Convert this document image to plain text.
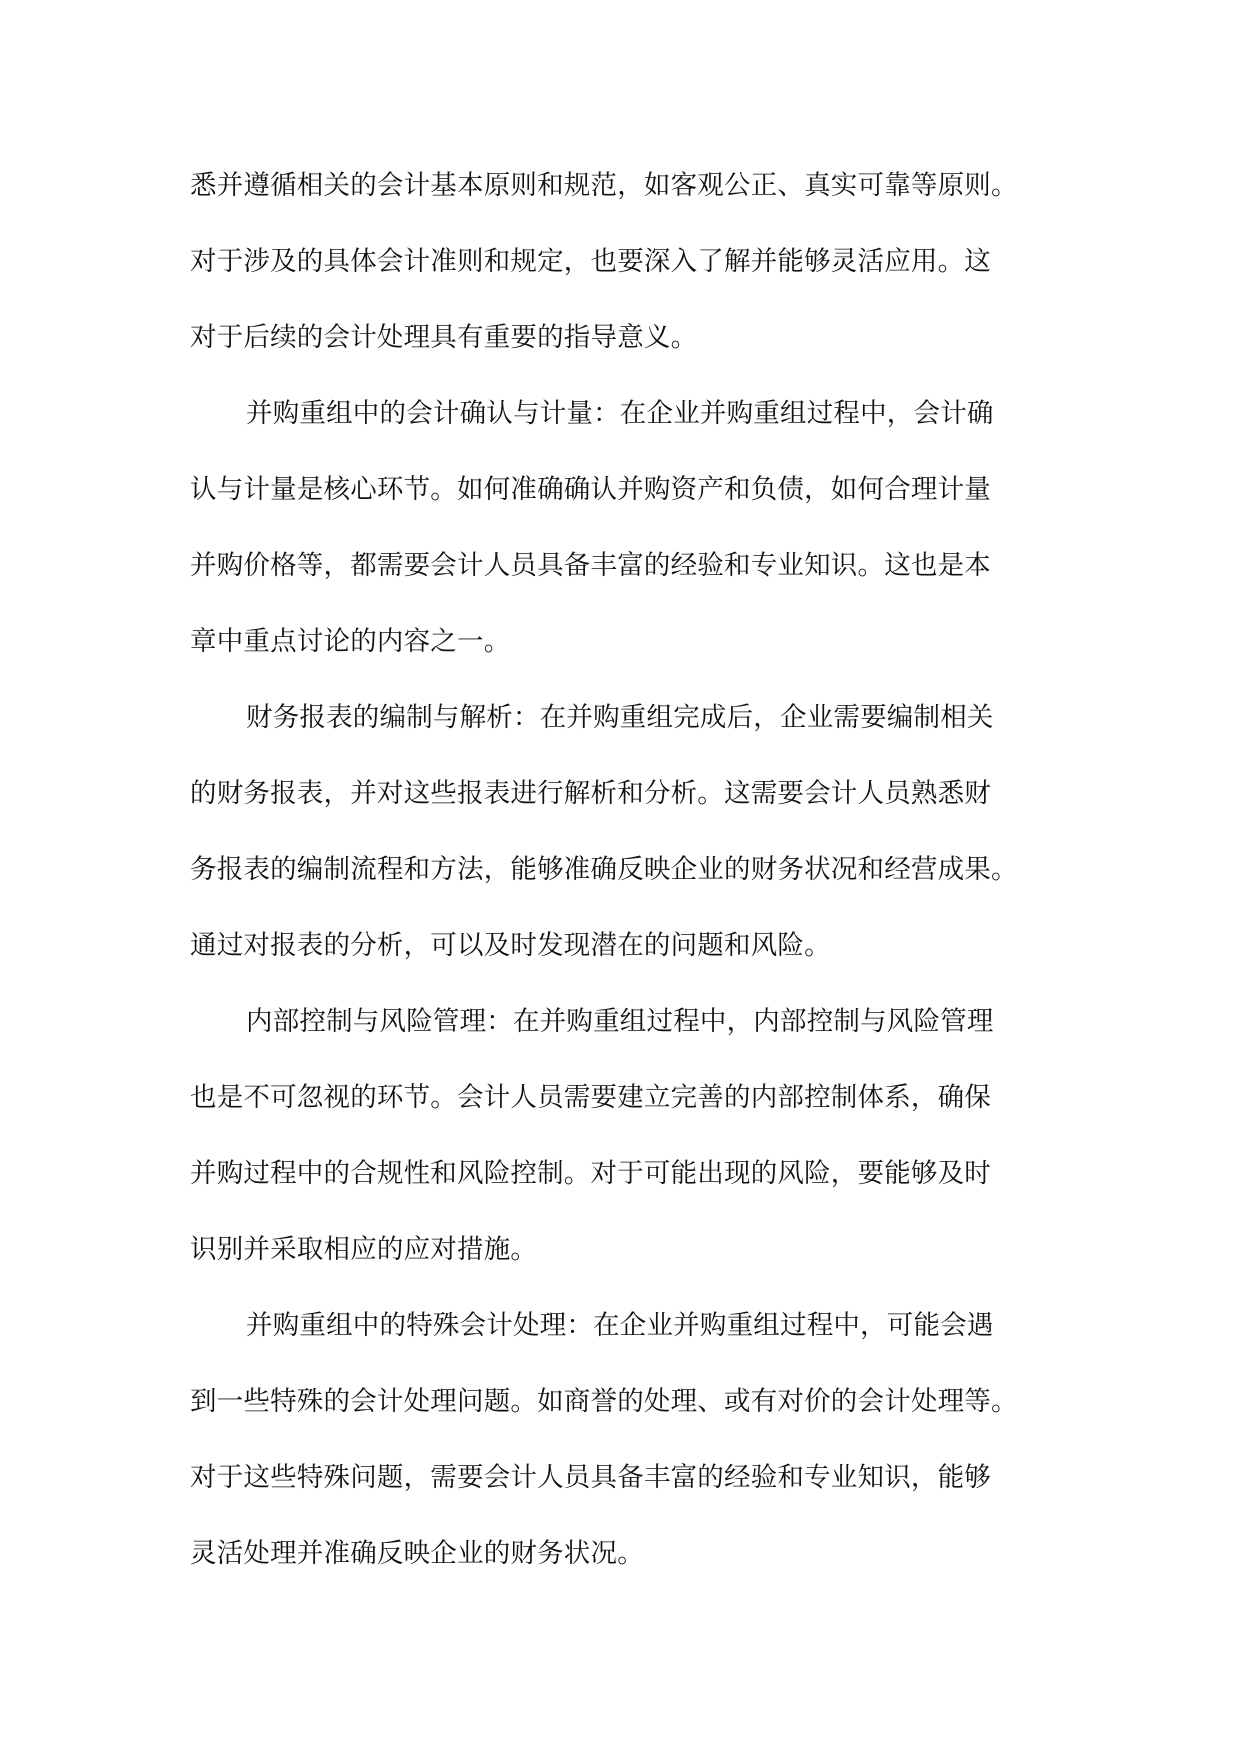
悉并遵循相关的会计基本原则和规范，如客观公正、真实可靠等原则。
对于涉及的具体会计准则和规定，也要深入了解并能够灵活应用。这
对于后续的会计处理具有重要的指导意义。
并购重组中的会计确认与计量：在企业并购重组过程中，会计确
认与计量是核心环节。如何准确确认并购资产和负债，如何合理计量
并购价格等，都需要会计人员具备丰富的经验和专业知识。这也是本
章中重点讨论的内容之一。
财务报表的编制与解析：在并购重组完成后，企业需要编制相关
的财务报表，并对这些报表进行解析和分析。这需要会计人员熟悉财
务报表的编制流程和方法，能够准确反映企业的财务状况和经营成果。
通过对报表的分析，可以及时发现潜在的问题和风险。
内部控制与风险管理：在并购重组过程中，内部控制与风险管理
也是不可忽视的环节。会计人员需要建立完善的内部控制体系，确保
并购过程中的合规性和风险控制。对于可能出现的风险，要能够及时
识别并采取相应的应对措施。
并购重组中的特殊会计处理：在企业并购重组过程中，可能会遇
到一些特殊的会计处理问题。如商誉的处理、或有对价的会计处理等。
对于这些特殊问题，需要会计人员具备丰富的经验和专业知识，能够
灵活处理并准确反映企业的财务状况。
